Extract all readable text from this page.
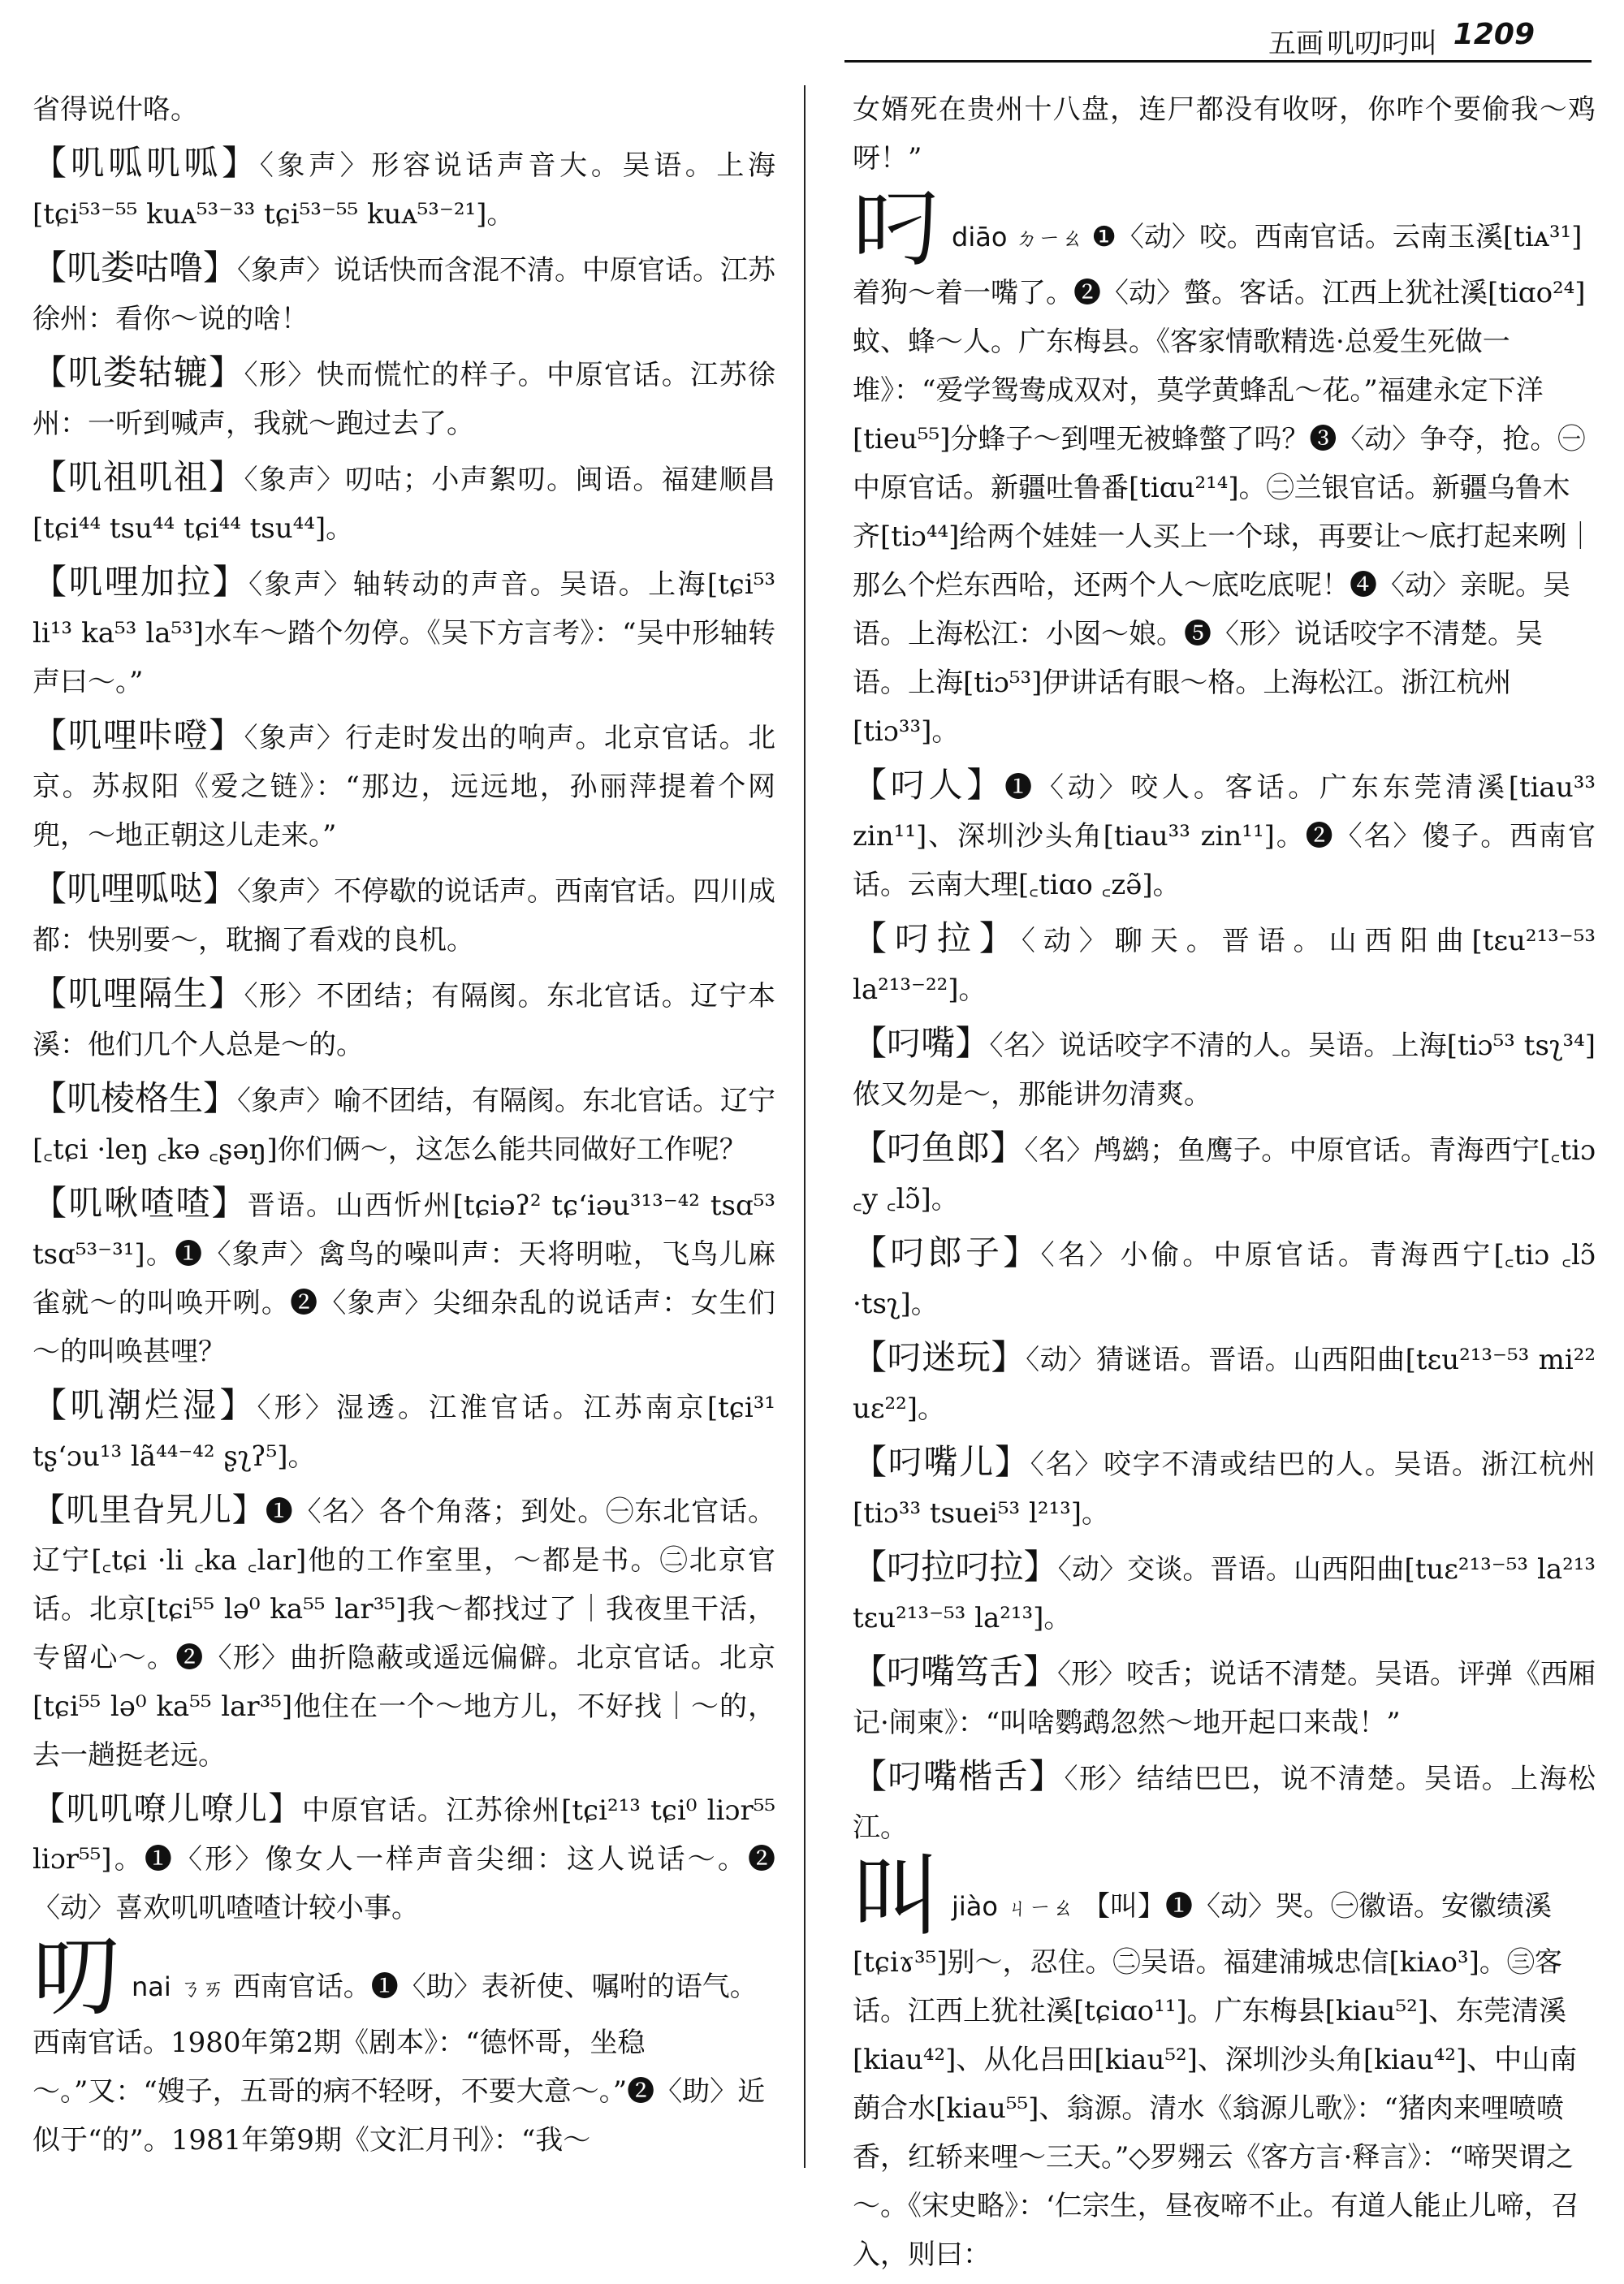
五画 叽叨叼叫 1209

省得说什咯。

【叽呱叽呱】〈象声〉形容说话声音大。吴语。上海[tɕi⁵³⁻⁵⁵ kuᴀ⁵³⁻³³ tɕi⁵³⁻⁵⁵ kuᴀ⁵³⁻²¹]。

【叽娄咕噜】〈象声〉说话快而含混不清。中原官话。江苏徐州：看你～说的啥！

【叽娄轱辘】〈形〉快而慌忙的样子。中原官话。江苏徐州：一听到喊声，我就～跑过去了。

【叽祖叽祖】〈象声〉叨咕；小声絮叨。闽语。福建顺昌[tɕi⁴⁴ tsu⁴⁴ tɕi⁴⁴ tsu⁴⁴]。

【叽哩加拉】〈象声〉轴转动的声音。吴语。上海[tɕi⁵³ li¹³ ka⁵³ la⁵³]水车～踏个勿停。《吴下方言考》：“吴中形轴转声曰～。”

【叽哩咔噔】〈象声〉行走时发出的响声。北京官话。北京。苏叔阳《爱之链》：“那边，远远地，孙丽萍提着个网兜，～地正朝这儿走来。”

【叽哩呱哒】〈象声〉不停歇的说话声。西南官话。四川成都：快别要～，耽搁了看戏的良机。

【叽哩隔生】〈形〉不团结；有隔阂。东北官话。辽宁本溪：他们几个人总是～的。

【叽棱格生】〈象声〉喻不团结，有隔阂。东北官话。辽宁[꜀tɕi ·leŋ ꜀kə ꜀ʂəŋ]你们俩～，这怎么能共同做好工作呢？

【叽啾喳喳】晋语。山西忻州[tɕiəʔ² tɕʻiəu³¹³⁻⁴² tsɑ⁵³ tsɑ⁵³⁻³¹]。❶〈象声〉禽鸟的噪叫声：天将明啦，飞鸟儿麻雀就～的叫唤开咧。❷〈象声〉尖细杂乱的说话声：女生们～的叫唤甚哩？

【叽潮烂湿】〈形〉湿透。江淮官话。江苏南京[tɕi³¹ tʂʻɔu¹³ lã⁴⁴⁻⁴² ʂʅʔ⁵]。

【叽里旮旯儿】❶〈名〉各个角落；到处。㊀东北官话。辽宁[꜀tɕi ·li ꜀ka ꜀lar]他的工作室里，～都是书。㊁北京官话。北京[tɕi⁵⁵ lə⁰ ka⁵⁵ lar³⁵]我～都找过了｜我夜里干活，专留心～。❷〈形〉曲折隐蔽或遥远偏僻。北京官话。北京[tɕi⁵⁵ lə⁰ ka⁵⁵ lar³⁵]他住在一个～地方儿，不好找｜～的，去一趟挺老远。

【叽叽嘹儿嘹儿】中原官话。江苏徐州[tɕi²¹³ tɕi⁰ liɔr⁵⁵ liɔr⁵⁵]。❶〈形〉像女人一样声音尖细：这人说话～。❷〈动〉喜欢叽叽喳喳计较小事。

叨nai ㄋㄞ 西南官话。❶〈助〉表祈使、嘱咐的语气。西南官话。1980年第2期《剧本》：“德怀哥，坐稳～。”又：“嫂子，五哥的病不轻呀，不要大意～。”❷〈助〉近似于“的”。1981年第9期《文汇月刊》：“我～

女婿死在贵州十八盘，连尸都没有收呀，你咋个要偷我～鸡呀！”

叼diāo ㄉㄧㄠ ❶〈动〉咬。西南官话。云南玉溪[tiᴀ³¹]着狗～着一嘴了。❷〈动〉螫。客话。江西上犹社溪[tiɑo²⁴]蚊、蜂～人。广东梅县。《客家情歌精选·总爱生死做一堆》：“爱学鸳鸯成双对，莫学黄蜂乱～花。”福建永定下洋[tieu⁵⁵]分蜂子～到哩无被蜂螫了吗？❸〈动〉争夺，抢。㊀中原官话。新疆吐鲁番[tiɑu²¹⁴]。㊁兰银官话。新疆乌鲁木齐[tiɔ⁴⁴]给两个娃娃一人买上一个球，再要让～底打起来咧｜那么个烂东西哈，还两个人～底吃底呢！❹〈动〉亲昵。吴语。上海松江：小囡～娘。❺〈形〉说话咬字不清楚。吴语。上海[tiɔ⁵³]伊讲话有眼～格。上海松江。浙江杭州[tiɔ³³]。

【叼人】❶〈动〉咬人。客话。广东东莞清溪[tiau³³ zin¹¹]、深圳沙头角[tiau³³ zin¹¹]。❷〈名〉傻子。西南官话。云南大理[꜀tiɑo ꜀zə̃]。

【叼拉】〈动〉聊天。晋语。山西阳曲[tɛu²¹³⁻⁵³ la²¹³⁻²²]。

【叼嘴】〈名〉说话咬字不清的人。吴语。上海[tiɔ⁵³ tsʅ³⁴]侬又勿是～，那能讲勿清爽。

【叼鱼郎】〈名〉鸬鹚；鱼鹰子。中原官话。青海西宁[꜀tiɔ ꜀y ꜀lɔ̃]。

【叼郎子】〈名〉小偷。中原官话。青海西宁[꜀tiɔ ꜀lɔ̃ ·tsʅ]。

【叼迷玩】〈动〉猜谜语。晋语。山西阳曲[tɛu²¹³⁻⁵³ mi²² uɛ²²]。

【叼嘴儿】〈名〉咬字不清或结巴的人。吴语。浙江杭州[tiɔ³³ tsuei⁵³ l²¹³]。

【叼拉叼拉】〈动〉交谈。晋语。山西阳曲[tuɛ²¹³⁻⁵³ la²¹³ tɛu²¹³⁻⁵³ la²¹³]。

【叼嘴笃舌】〈形〉咬舌；说话不清楚。吴语。评弹《西厢记·闹柬》：“叫啥鹦鹉忽然～地开起口来哉！”

【叼嘴楷舌】〈形〉结结巴巴，说不清楚。吴语。上海松江。

叫jiào ㄐㄧㄠ 【叫】❶〈动〉哭。㊀徽语。安徽绩溪[tɕiɤ³⁵]别～，忍住。㊁吴语。福建浦城忠信[kiᴀo³]。㊂客话。江西上犹社溪[tɕiɑo¹¹]。广东梅县[kiau⁵²]、东莞清溪[kiau⁴²]、从化吕田[kiau⁵²]、深圳沙头角[kiau⁴²]、中山南蓢合水[kiau⁵⁵]、翁源。清水《翁源儿歌》：“猪肉来哩喷喷香，红轿来哩～三天。”◇罗翙云《客方言·释言》：“啼哭谓之～。《宋史略》：‘仁宗生，昼夜啼不止。有道人能止儿啼，召入，则曰：
